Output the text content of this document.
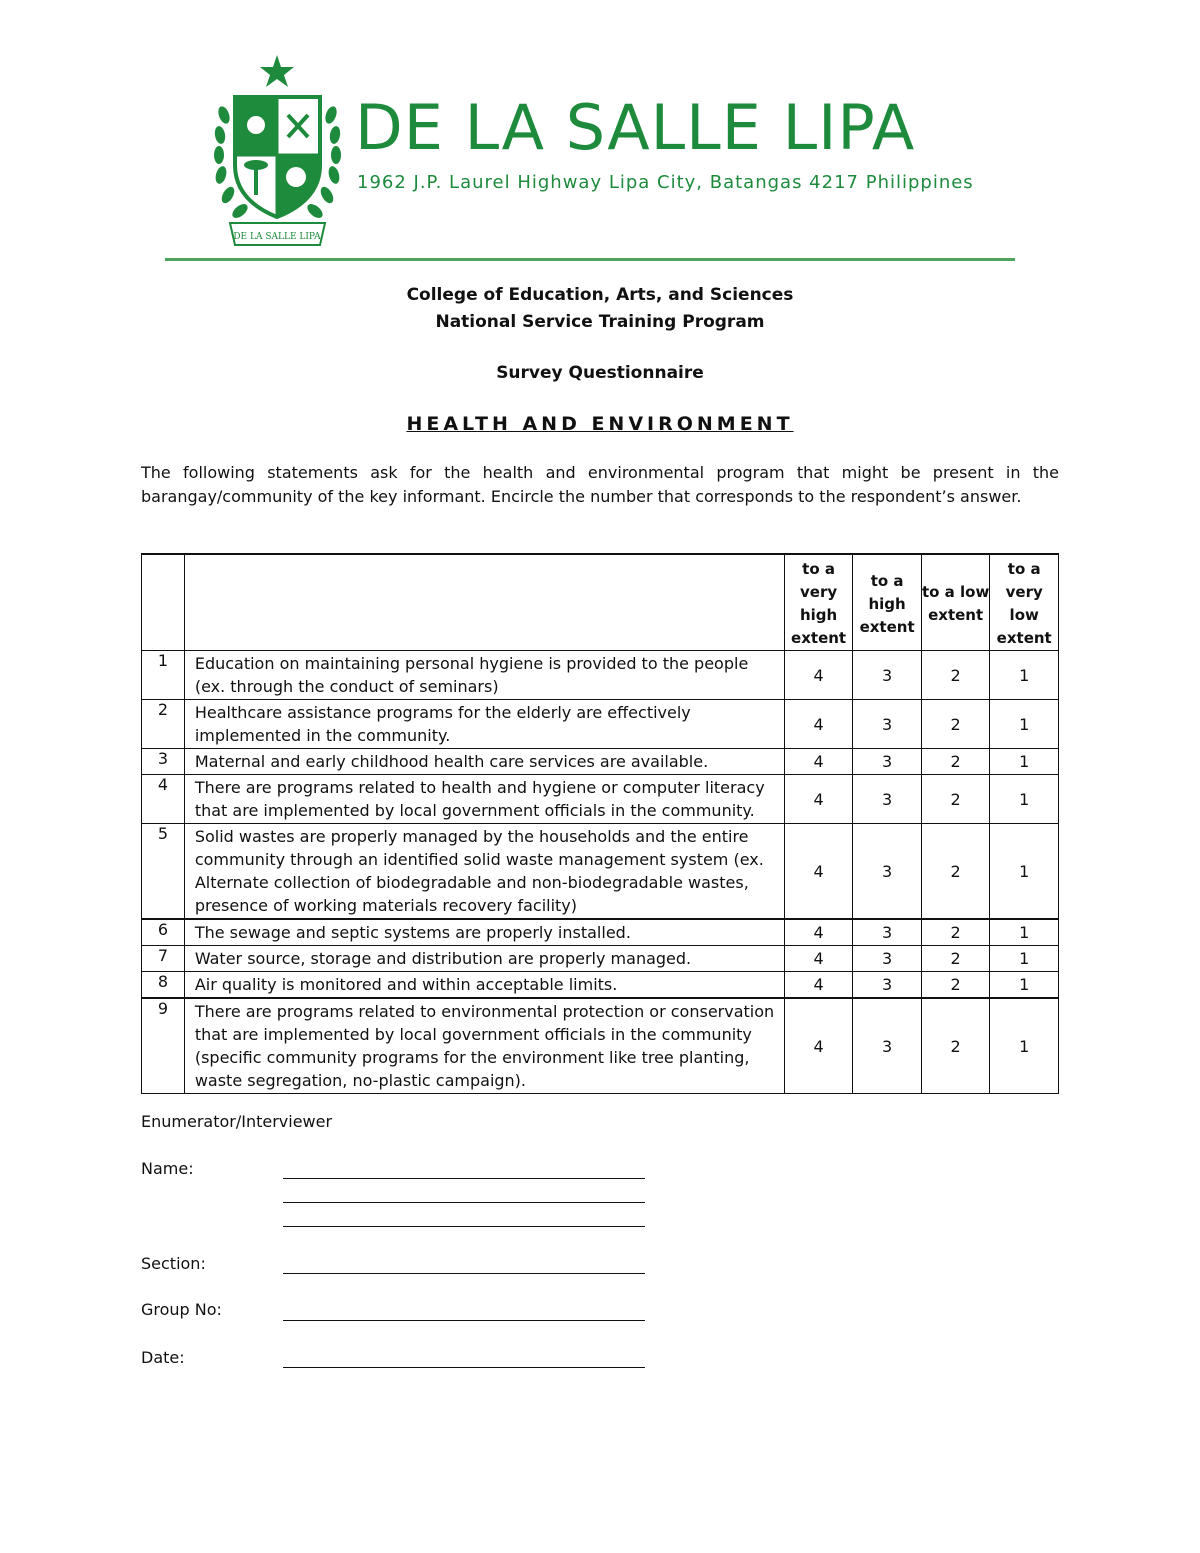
DE LA SALLE LIPA
DE LA SALLE LIPA
1962 J.P. Laurel Highway Lipa City, Batangas 4217 Philippines
College of Education, Arts, and Sciences
National Service Training Program
Survey Questionnaire
HEALTH AND ENVIRONMENT
The following statements ask for the health and environmental program that might be present in the barangay/community of the key informant. Encircle the number that corresponds to the respondent’s answer.
		to a very high extent	to a high extent	to a low extent	to a very low extent
1	Education on maintaining personal hygiene is provided to the people (ex. through the conduct of seminars)	4	3	2	1
2	Healthcare assistance programs for the elderly are effectively implemented in the community.	4	3	2	1
3	Maternal and early childhood health care services are available.	4	3	2	1
4	There are programs related to health and hygiene or computer literacy that are implemented by local government officials in the community.	4	3	2	1
5	Solid wastes are properly managed by the households and the entire community through an identified solid waste management system (ex. Alternate collection of biodegradable and non-biodegradable wastes, presence of working materials recovery facility)	4	3	2	1
6	The sewage and septic systems are properly installed.	4	3	2	1
7	Water source, storage and distribution are properly managed.	4	3	2	1
8	Air quality is monitored and within acceptable limits.	4	3	2	1
9	There are programs related to environmental protection or conservation that are implemented by local government officials in the community (specific community programs for the environment like tree planting, waste segregation, no-plastic campaign).	4	3	2	1
Enumerator/Interviewer
Name:
Section:
Group No:
Date:
